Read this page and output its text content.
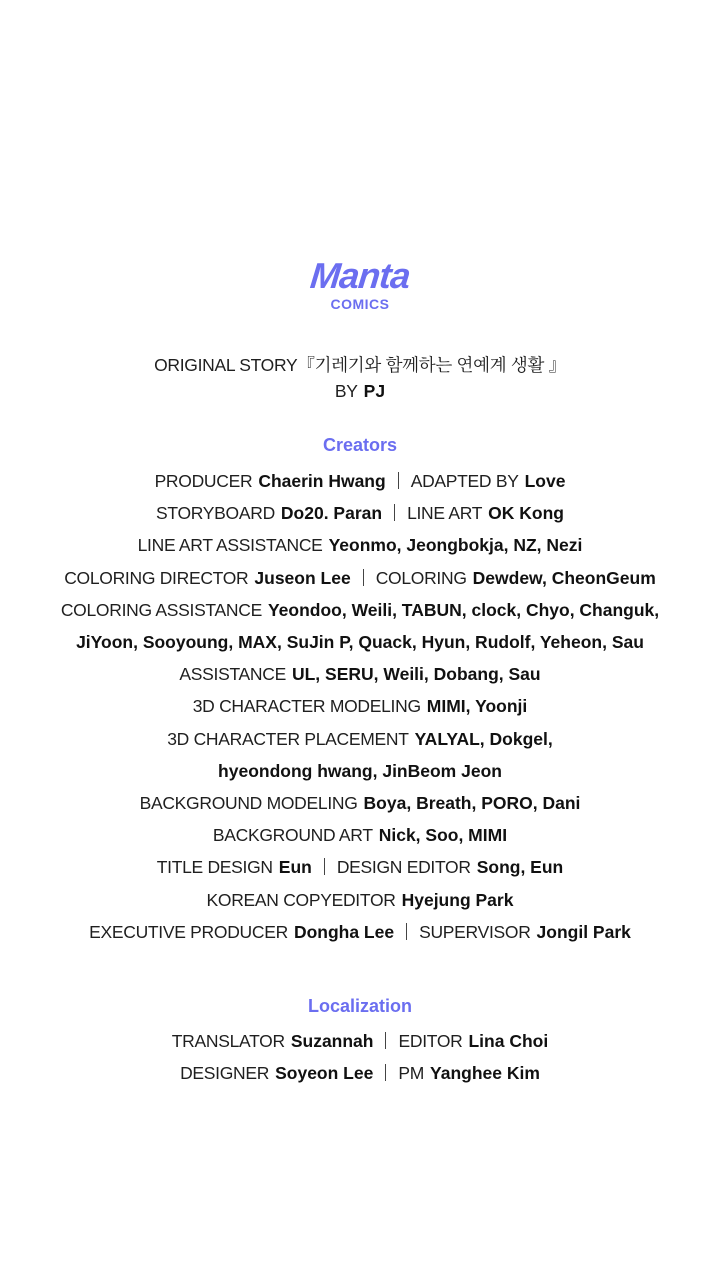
Manta
COMICS
ORIGINAL STORY『기레기와 함께하는 연예계 생활 』
BY PJ
Creators
PRODUCER Chaerin Hwang ADAPTED BY Love
STORYBOARD Do20. Paran LINE ART OK Kong
LINE ART ASSISTANCE Yeonmo, Jeongbokja, NZ, Nezi
COLORING DIRECTOR Juseon Lee COLORING Dewdew, CheonGeum
COLORING ASSISTANCE Yeondoo, Weili, TABUN, clock, Chyo, Changuk,
JiYoon, Sooyoung, MAX, SuJin P, Quack, Hyun, Rudolf, Yeheon, Sau
ASSISTANCE UL, SERU, Weili, Dobang, Sau
3D CHARACTER MODELING MIMI, Yoonji
3D CHARACTER PLACEMENT YALYAL, Dokgel,
hyeondong hwang, JinBeom Jeon
BACKGROUND MODELING Boya, Breath, PORO, Dani
BACKGROUND ART Nick, Soo, MIMI
TITLE DESIGN Eun DESIGN EDITOR Song, Eun
KOREAN COPYEDITOR Hyejung Park
EXECUTIVE PRODUCER Dongha Lee SUPERVISOR Jongil Park
Localization
TRANSLATOR Suzannah EDITOR Lina Choi
DESIGNER Soyeon Lee PM Yanghee Kim
